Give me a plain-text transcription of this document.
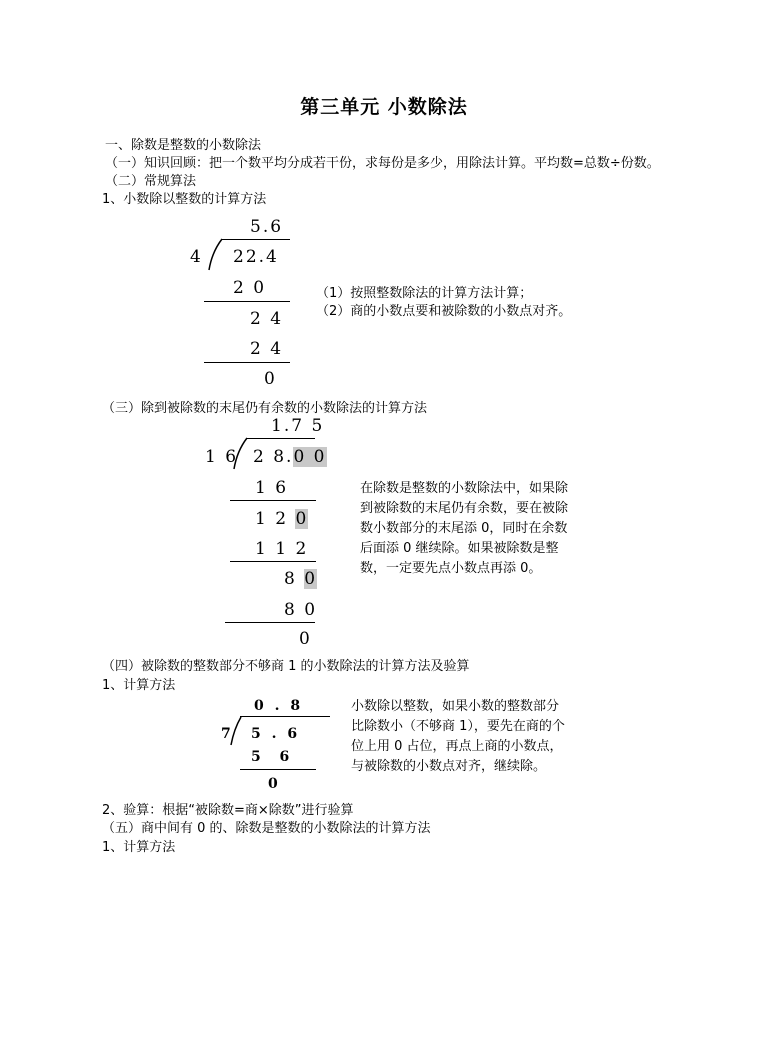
第三单元 小数除法
一、除数是整数的小数除法
（一）知识回顾：把一个数平均分成若干份，求每份是多少，用除法计算。平均数=总数÷份数。
（二）常规算法
1、小数除以整数的计算方法
5.6
4 22.4
2 0
2 4
2 4
0
（1）按照整数除法的计算方法计算；
（2）商的小数点要和被除数的小数点对齐。
（三）除到被除数的末尾仍有余数的小数除法的计算方法
1.7 5
1 6 2 8.0 0
1 6
1 2 0
1 1 2
8 0
8 0
0
在除数是整数的小数除法中，如果除到被除数的末尾仍有余数，要在被除数小数部分的末尾添 0，同时在余数后面添 0 继续除。如果被除数是整数，一定要先点小数点再添 0。
（四）被除数的整数部分不够商 1 的小数除法的计算方法及验算
1、计算方法
0 . 8
7 5 . 6
5  6
0
小数除以整数，如果小数的整数部分比除数小（不够商 1），要先在商的个位上用 0 占位，再点上商的小数点，与被除数的小数点对齐，继续除。
2、验算：根据“被除数=商×除数”进行验算
（五）商中间有 0 的、除数是整数的小数除法的计算方法
1、计算方法
